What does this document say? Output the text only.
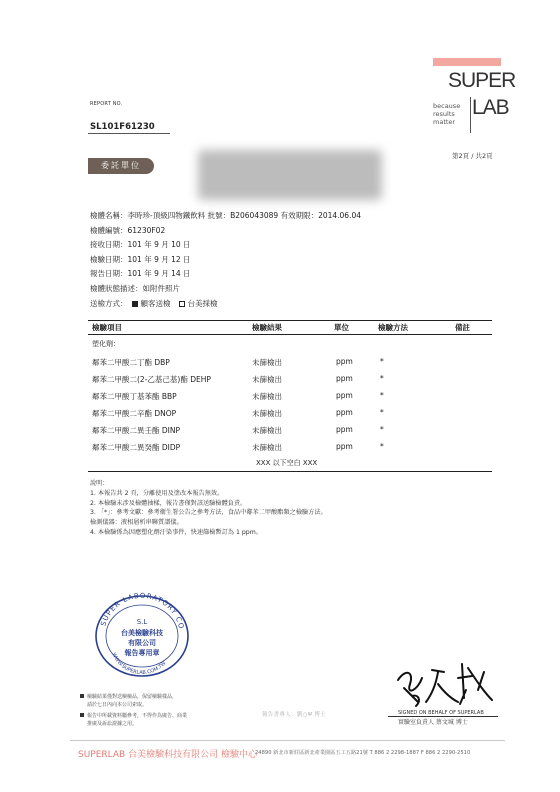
REPORT NO.
SL101F61230
SUPER
because
results
matter
LAB
第2頁 / 共2頁
委託單位
檢體名稱：李時珍-頂級四物鐵飲料 批號：B206043089 有效期限：2014.06.04
檢體編號：61230F02
接收日期：101 年 9 月 10 日
檢驗日期：101 年 9 月 12 日
報告日期：101 年 9 月 14 日
檢體狀態描述：如附件照片
送檢方式： 顧客送檢 台美採檢
檢驗項目	檢驗結果	單位	檢驗方法	備註
塑化劑：
鄰苯二甲酸二丁酯 DBP	未篩檢出	ppm	*
鄰苯二甲酸二(2-乙基己基)酯 DEHP	未篩檢出	ppm	*
鄰苯二甲酸丁基苯酯 BBP	未篩檢出	ppm	*
鄰苯二甲酸二辛酯 DNOP	未篩檢出	ppm	*
鄰苯二甲酸二異壬酯 DINP	未篩檢出	ppm	*
鄰苯二甲酸二異癸酯 DIDP	未篩檢出	ppm	*
XXX 以下空白 XXX
說明：
1. 本報告共 2 頁，分離使用及塗改本報告無效。
2. 本檢驗未涉及檢體抽樣，報告書僅對該送驗檢體負責。
3. 「*」：參考文獻：參考衛生署公告之參考方法，食品中鄰苯二甲酸酯類之檢驗方法。
檢測儀器：液相層析串聯質譜儀。
4. 本檢驗係為因應塑化劑汙染事件，快速篩檢暫訂為 1 ppm。
SUPER LABORATORY CO
WWW.SUPERLAB.COM.TW
S.L
台美檢驗科技
有限公司
報告專用章
檢驗結果僅對送檢檢品，保留檢驗樣品，
請於七日內向本公司索取。
報告中所載資料屬參考，不得作為廣告、商業
推廣及訴訟證據之用。
報告書專人：劉○Ψ 博士	SIGNED ON BEHALF OF SUPERLAB
實驗室負責人 蔡文城 博士
SUPERLAB 台美檢驗科技有限公司 檢驗中心
24890 新北市新莊區新北產業園區五工五路21號 T 886 2 2298-1887 F 886 2 2290-2510
